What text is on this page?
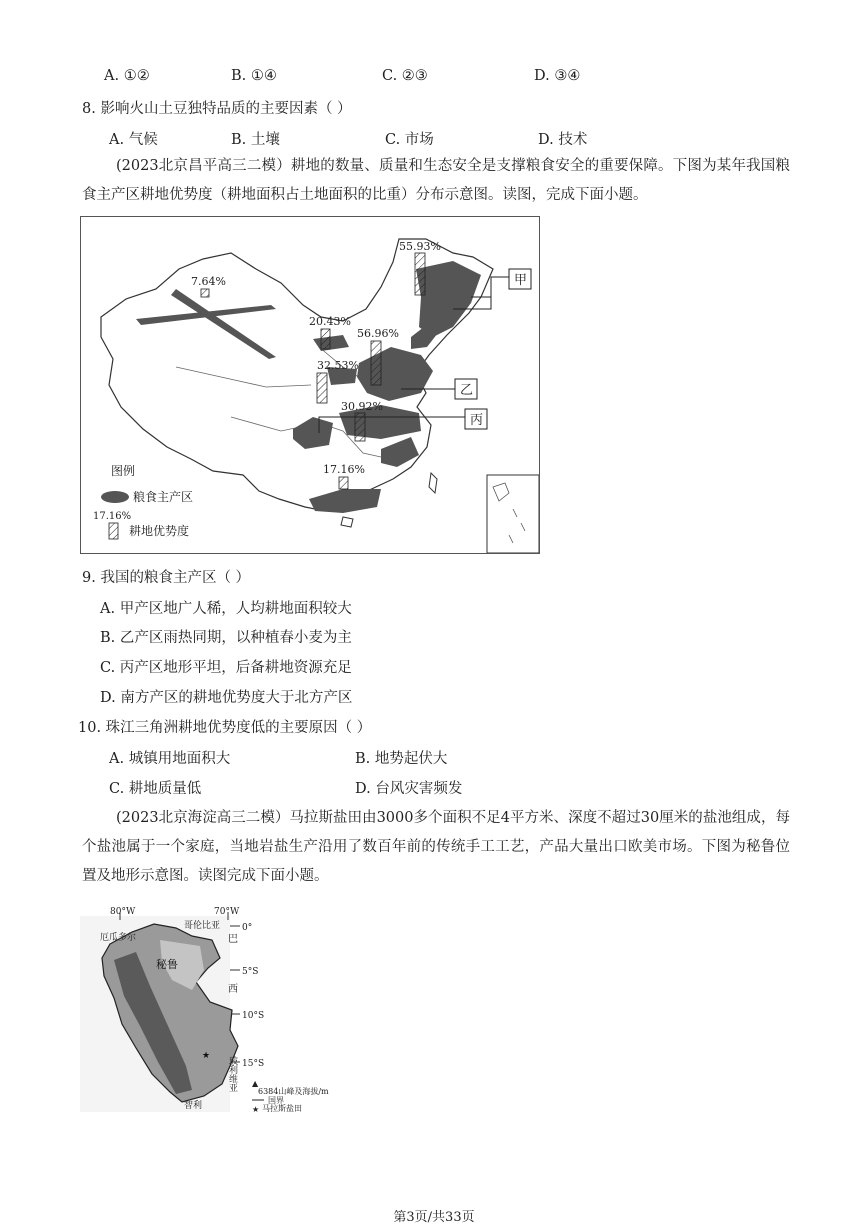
A. ①②	B. ①④	C. ②③	D. ③④
8. 影响火山土豆独特品质的主要因素（ ）
A. 气候	B. 土壤	C. 市场	D. 技术
(2023北京昌平高三二模）耕地的数量、质量和生态安全是支撑粮食安全的重要保障。下图为某年我国粮食主产区耕地优势度（耕地面积占土地面积的比重）分布示意图。读图，完成下面小题。
55.93%
7.64%
20.43%
56.96%
32.53%
30.92%
17.16%
甲
乙
丙
图例
粮食主产区
17.16%
耕地优势度
9. 我国的粮食主产区（ ）
A. 甲产区地广人稀，人均耕地面积较大
B. 乙产区雨热同期，以种植春小麦为主
C. 丙产区地形平坦，后备耕地资源充足
D. 南方产区的耕地优势度大于北方产区
10. 珠江三角洲耕地优势度低的主要原因（ ）
A. 城镇用地面积大	B. 地势起伏大
C. 耕地质量低	D. 台风灾害频发
(2023北京海淀高三二模）马拉斯盐田由3000多个面积不足4平方米、深度不超过30厘米的盐池组成，每个盐池属于一个家庭，当地岩盐生产沿用了数百年前的传统手工工艺，产品大量出口欧美市场。下图为秘鲁位置及地形示意图。读图完成下面小题。
80°W	70°W
0°
5°S
10°S
15°S
哥伦比亚
厄瓜多尔
秘鲁
巴
西
玻利维亚
智利
★
▲
6384山峰及海拔/m
国界
★ 马拉斯盐田
第3页/共33页
